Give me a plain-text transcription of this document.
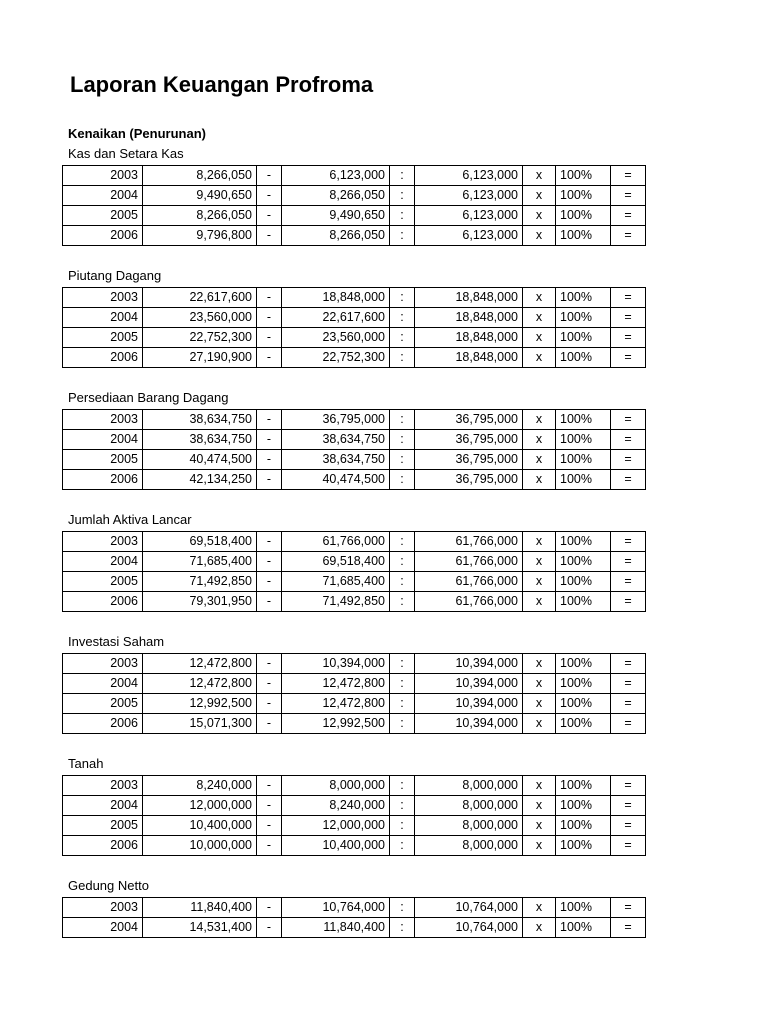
Laporan Keuangan Profroma
Kenaikan (Penurunan)
Kas dan Setara Kas
2003	8,266,050	-	6,123,000	:	6,123,000	x	100%	=
2004	9,490,650	-	8,266,050	:	6,123,000	x	100%	=
2005	8,266,050	-	9,490,650	:	6,123,000	x	100%	=
2006	9,796,800	-	8,266,050	:	6,123,000	x	100%	=
Piutang Dagang
2003	22,617,600	-	18,848,000	:	18,848,000	x	100%	=
2004	23,560,000	-	22,617,600	:	18,848,000	x	100%	=
2005	22,752,300	-	23,560,000	:	18,848,000	x	100%	=
2006	27,190,900	-	22,752,300	:	18,848,000	x	100%	=
Persediaan Barang Dagang
2003	38,634,750	-	36,795,000	:	36,795,000	x	100%	=
2004	38,634,750	-	38,634,750	:	36,795,000	x	100%	=
2005	40,474,500	-	38,634,750	:	36,795,000	x	100%	=
2006	42,134,250	-	40,474,500	:	36,795,000	x	100%	=
Jumlah Aktiva Lancar
2003	69,518,400	-	61,766,000	:	61,766,000	x	100%	=
2004	71,685,400	-	69,518,400	:	61,766,000	x	100%	=
2005	71,492,850	-	71,685,400	:	61,766,000	x	100%	=
2006	79,301,950	-	71,492,850	:	61,766,000	x	100%	=
Investasi Saham
2003	12,472,800	-	10,394,000	:	10,394,000	x	100%	=
2004	12,472,800	-	12,472,800	:	10,394,000	x	100%	=
2005	12,992,500	-	12,472,800	:	10,394,000	x	100%	=
2006	15,071,300	-	12,992,500	:	10,394,000	x	100%	=
Tanah
2003	8,240,000	-	8,000,000	:	8,000,000	x	100%	=
2004	12,000,000	-	8,240,000	:	8,000,000	x	100%	=
2005	10,400,000	-	12,000,000	:	8,000,000	x	100%	=
2006	10,000,000	-	10,400,000	:	8,000,000	x	100%	=
Gedung Netto
2003	11,840,400	-	10,764,000	:	10,764,000	x	100%	=
2004	14,531,400	-	11,840,400	:	10,764,000	x	100%	=
